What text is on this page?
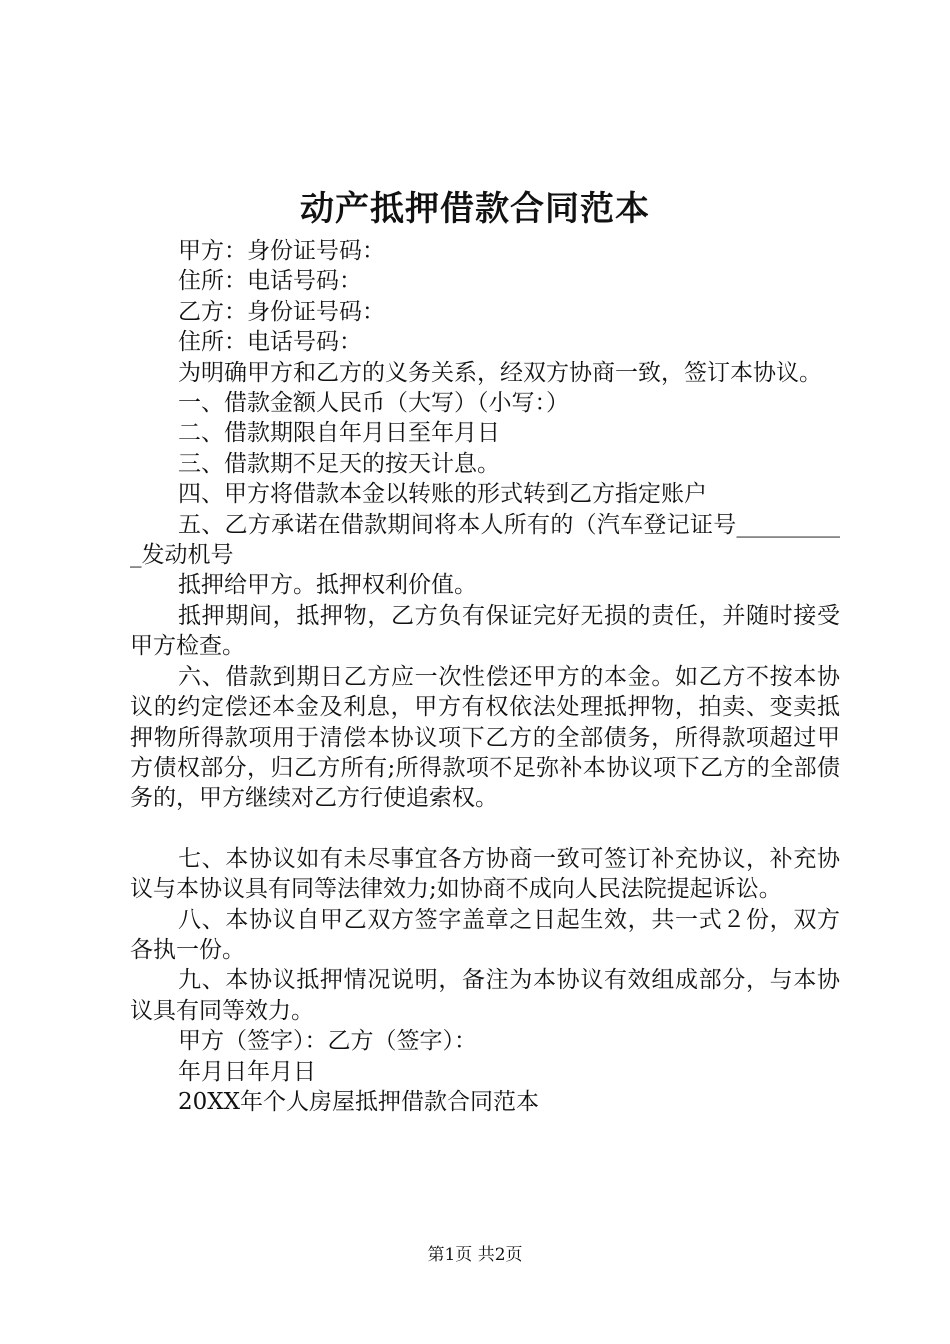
动产抵押借款合同范本

甲方：身份证号码：

住所：电话号码：

乙方：身份证号码：

住所：电话号码：

为明确甲方和乙方的义务关系，经双方协商一致，签订本协议。

一、借款金额人民币（大写）（小写：）

二、借款期限自年月日至年月日

三、借款期不足天的按天计息。

四、甲方将借款本金以转账的形式转到乙方指定账户

五、乙方承诺在借款期间将本人所有的（汽车登记证号__________发动机号

抵押给甲方。抵押权利价值。

抵押期间，抵押物，乙方负有保证完好无损的责任，并随时接受甲方检查。

六、借款到期日乙方应一次性偿还甲方的本金。如乙方不按本协议的约定偿还本金及利息，甲方有权依法处理抵押物，拍卖、变卖抵押物所得款项用于清偿本协议项下乙方的全部债务，所得款项超过甲方债权部分，归乙方所有;所得款项不足弥补本协议项下乙方的全部债务的，甲方继续对乙方行使追索权。

七、本协议如有未尽事宜各方协商一致可签订补充协议，补充协议与本协议具有同等法律效力;如协商不成向人民法院提起诉讼。

八、本协议自甲乙双方签字盖章之日起生效，共一式２份，双方各执一份。

九、本协议抵押情况说明，备注为本协议有效组成部分，与本协议具有同等效力。

甲方（签字）：乙方（签字）：

年月日年月日

20XX年个人房屋抵押借款合同范本

第1页 共2页
